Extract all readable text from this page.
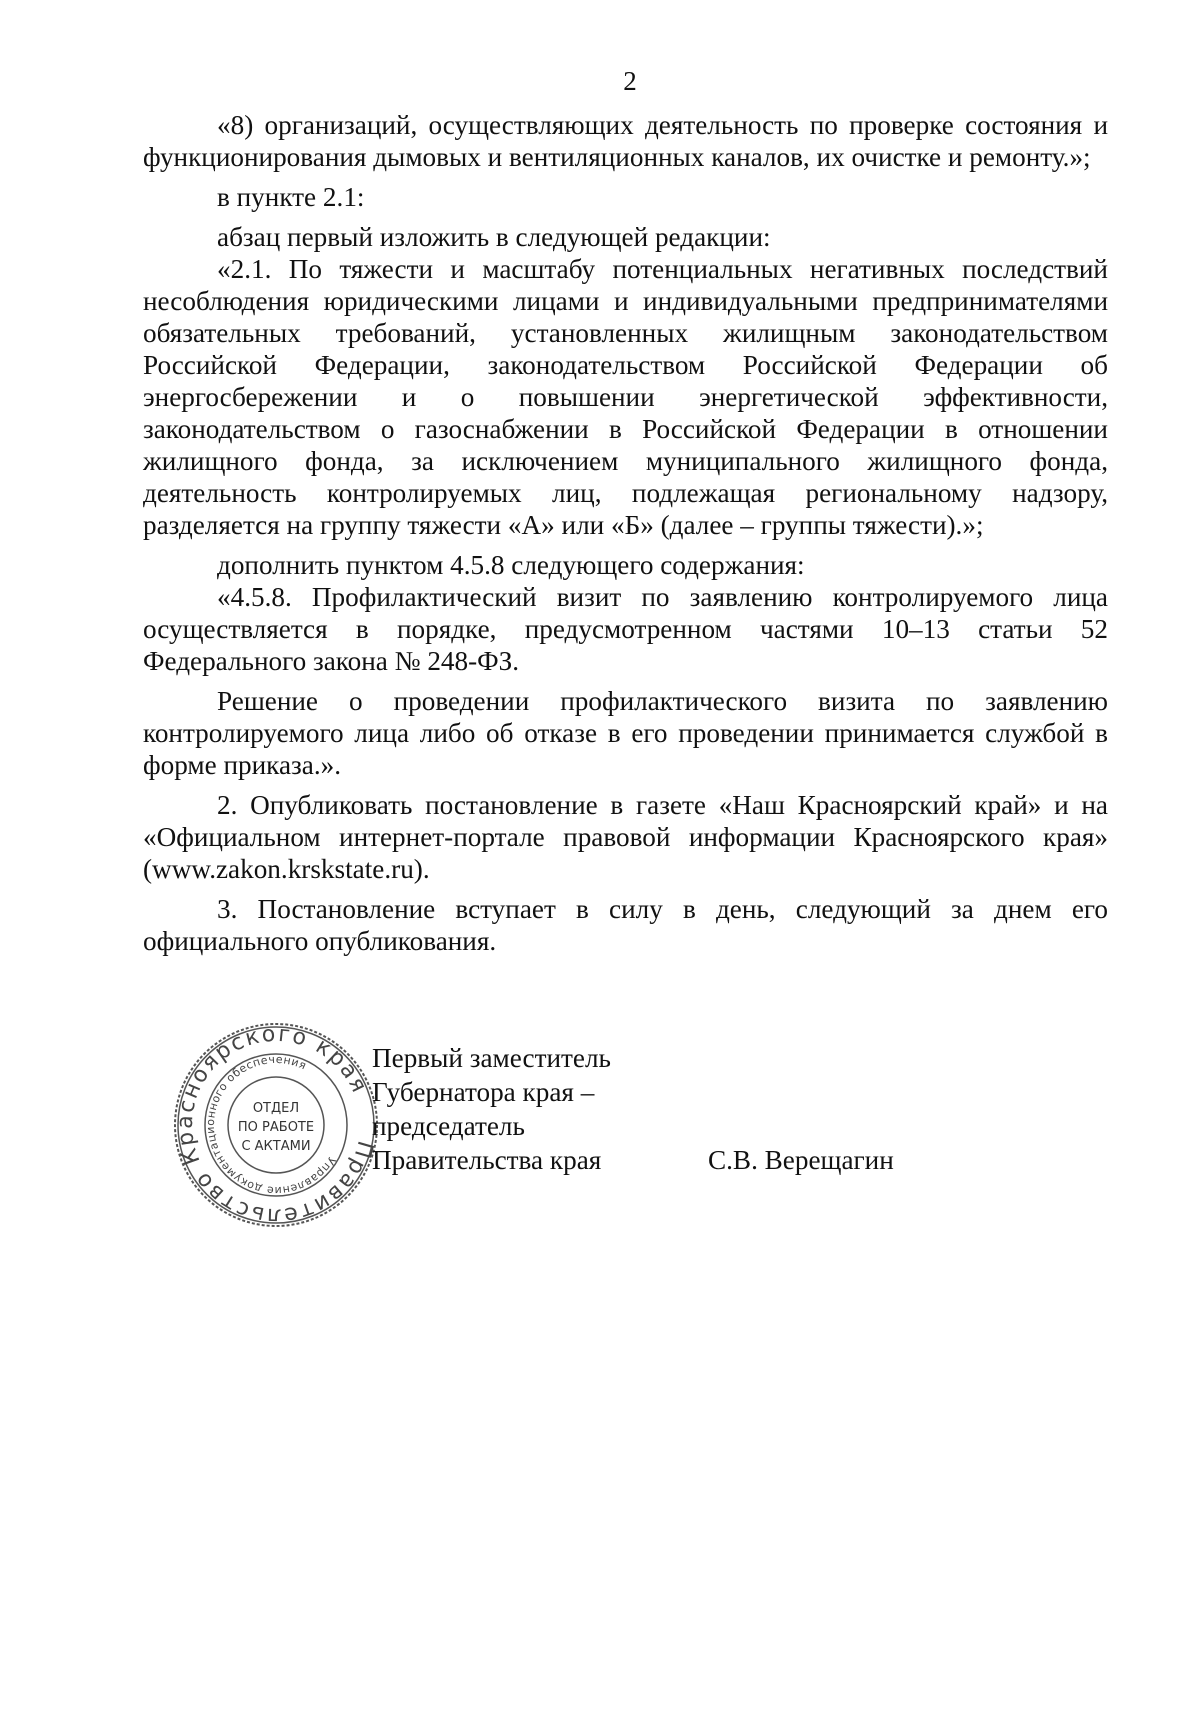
2

«8) организаций, осуществляющих деятельность по проверке состояния и функционирования дымовых и вентиляционных каналов, их очистке и ремонту.»;

в пункте 2.1:

абзац первый изложить в следующей редакции:

«2.1. По тяжести и масштабу потенциальных негативных последствий несоблюдения юридическими лицами и индивидуальными предпринимателями обязательных требований, установленных жилищным законодательством Российской Федерации, законодательством Российской Федерации об энергосбережении и о повышении энергетической эффективности, законодательством о газоснабжении в Российской Федерации в отношении жилищного фонда, за исключением муниципального жилищного фонда, деятельность контролируемых лиц, подлежащая региональному надзору, разделяется на группу тяжести «А» или «Б» (далее – группы тяжести).»;

дополнить пунктом 4.5.8 следующего содержания:

«4.5.8. Профилактический визит по заявлению контролируемого лица осуществляется в порядке, предусмотренном частями 10–13 статьи 52 Федерального закона № 248-ФЗ.

Решение о проведении профилактического визита по заявлению контролируемого лица либо об отказе в его проведении принимается службой в форме приказа.».

2. Опубликовать постановление в газете «Наш Красноярский край» и на «Официальном интернет-портале правовой информации Красноярского края» (www.zakon.krskstate.ru).

3. Постановление вступает в силу в день, следующий за днем его официального опубликования.

Правительство Красноярского края
Управление документационного обеспечения
ОТДЕЛ
ПО РАБОТЕ
С АКТАМИ
Первый заместитель
Губернатора края –
председатель
Правительства края	С.В. Верещагин
